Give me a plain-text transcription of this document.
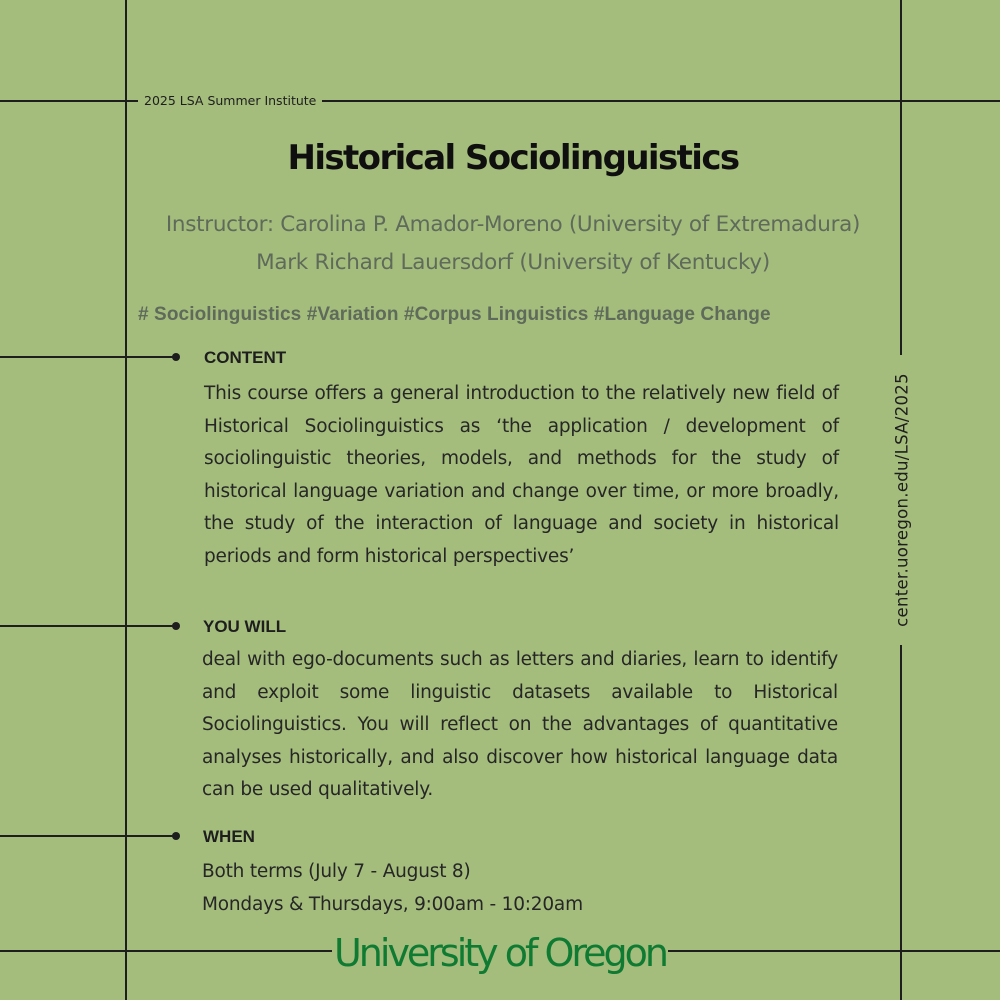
2025 LSA Summer Institute
Historical Sociolinguistics

Instructor: Carolina P. Amador-Moreno (University of Extremadura)

Mark Richard Lauersdorf (University of Kentucky)

# Sociolinguistics #Variation #Corpus Linguistics #Language Change
CONTENT

This course offers a general introduction to the relatively new field of Historical Sociolinguistics as ‘the application / development of sociolinguistic theories, models, and methods for the study of historical language variation and change over time, or more broadly, the study of the interaction of language and society in historical periods and form historical perspectives’

YOU WILL

deal with ego-documents such as letters and diaries, learn to identify and exploit some linguistic datasets available to Historical Sociolinguistics. You will reflect on the advantages of quantitative analyses historically, and also discover how historical language data can be used qualitatively.

WHEN

Both terms (July 7 - August 8)

Mondays & Thursdays, 9:00am - 10:20am

center.uoregon.edu/LSA/2025
University of Oregon
